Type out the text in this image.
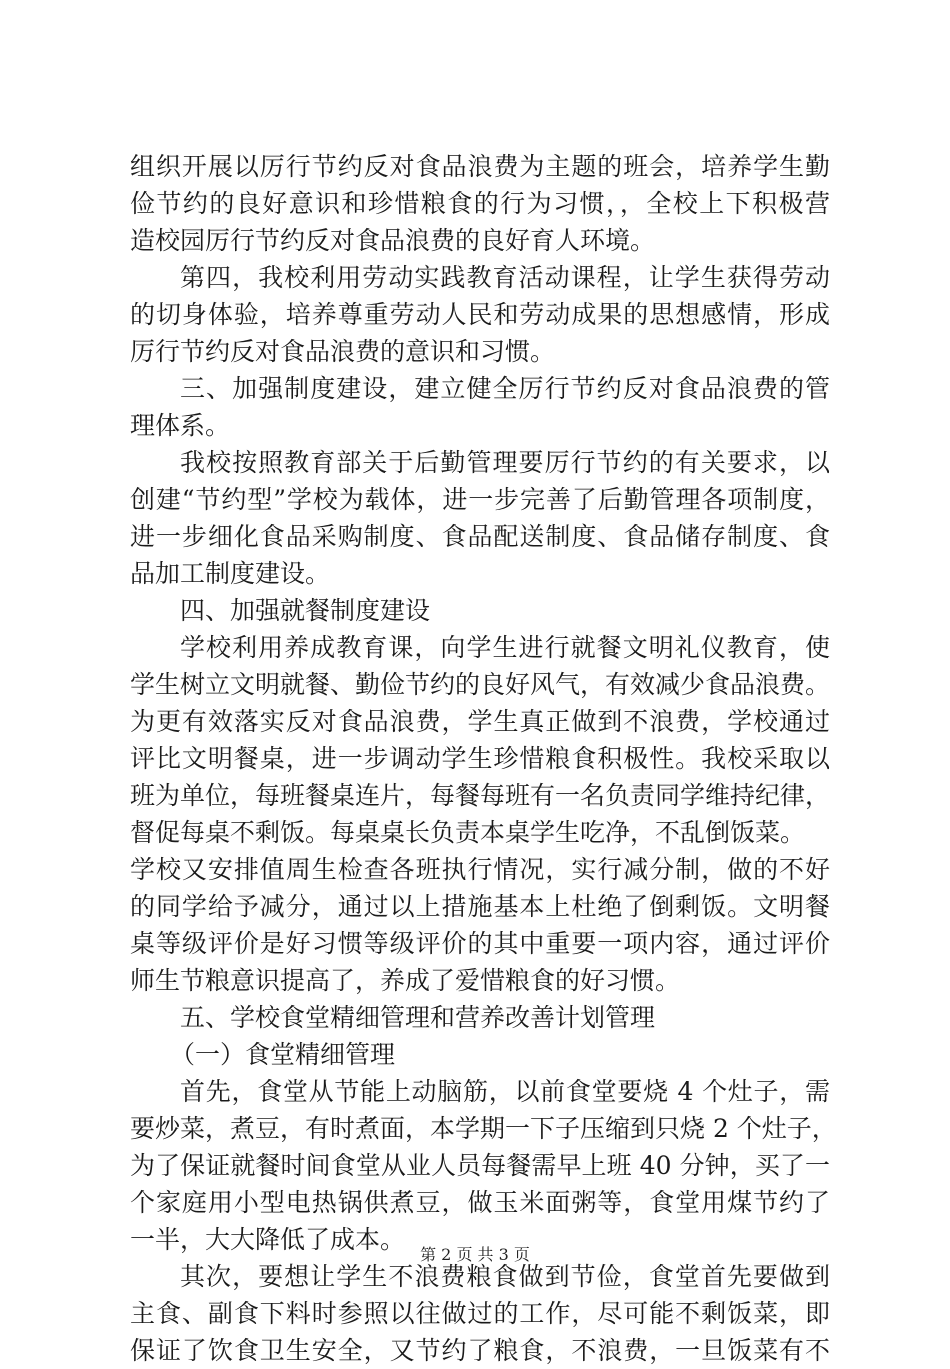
组织开展以厉行节约反对食品浪费为主题的班会，培养学生勤
俭节约的良好意识和珍惜粮食的行为习惯，，全校上下积极营
造校园厉行节约反对食品浪费的良好育人环境。
第四，我校利用劳动实践教育活动课程，让学生获得劳动
的切身体验，培养尊重劳动人民和劳动成果的思想感情，形成
厉行节约反对食品浪费的意识和习惯。
三、加强制度建设，建立健全厉行节约反对食品浪费的管
理体系。
我校按照教育部关于后勤管理要厉行节约的有关要求，以
创建“节约型”学校为载体，进一步完善了后勤管理各项制度，
进一步细化食品采购制度、食品配送制度、食品储存制度、食
品加工制度建设。
四、加强就餐制度建设
学校利用养成教育课，向学生进行就餐文明礼仪教育，使
学生树立文明就餐、勤俭节约的良好风气，有效减少食品浪费。
为更有效落实反对食品浪费，学生真正做到不浪费，学校通过
评比文明餐桌，进一步调动学生珍惜粮食积极性。我校采取以
班为单位，每班餐桌连片，每餐每班有一名负责同学维持纪律，
督促每桌不剩饭。每桌桌长负责本桌学生吃净，不乱倒饭菜。
学校又安排值周生检查各班执行情况，实行减分制，做的不好
的同学给予减分，通过以上措施基本上杜绝了倒剩饭。文明餐
桌等级评价是好习惯等级评价的其中重要一项内容，通过评价
师生节粮意识提高了，养成了爱惜粮食的好习惯。
五、学校食堂精细管理和营养改善计划管理
（一）食堂精细管理
首先，食堂从节能上动脑筋，以前食堂要烧 4 个灶子，需
要炒菜，煮豆，有时煮面，本学期一下子压缩到只烧 2 个灶子，
为了保证就餐时间食堂从业人员每餐需早上班 40 分钟，买了一
个家庭用小型电热锅供煮豆，做玉米面粥等，食堂用煤节约了
一半，大大降低了成本。
其次，要想让学生不浪费粮食做到节俭，食堂首先要做到
主食、副食下料时参照以往做过的工作，尽可能不剩饭菜，即
保证了饮食卫生安全，又节约了粮食，不浪费，一旦饭菜有不
第 2 页 共 3 页
